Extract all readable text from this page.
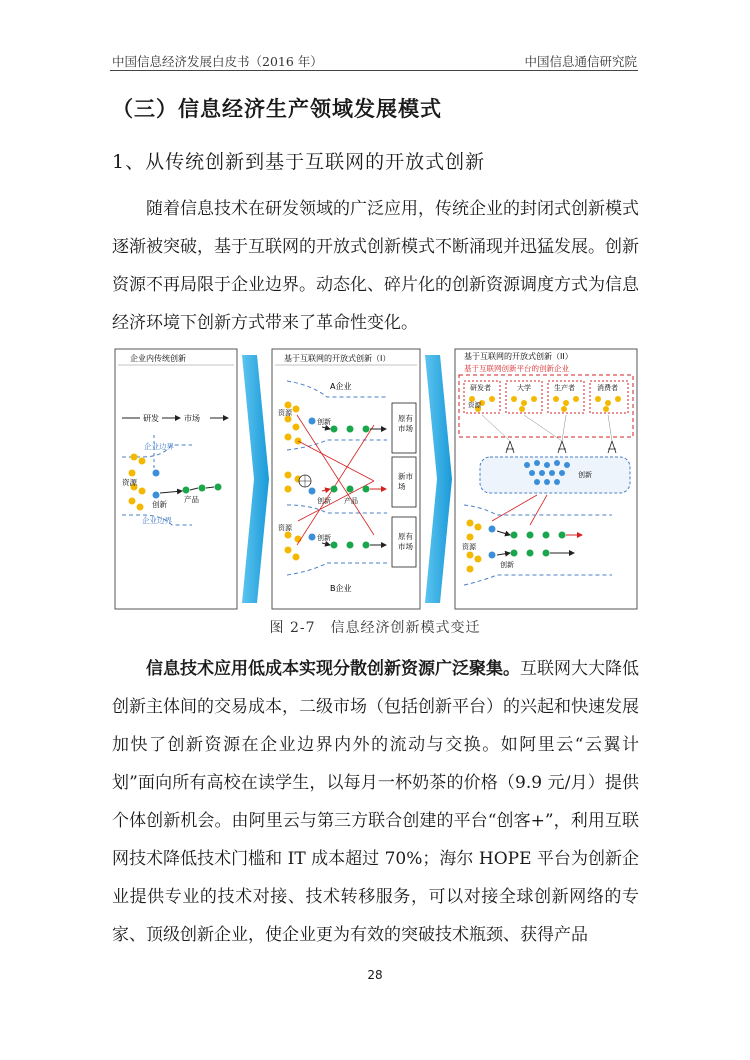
中国信息经济发展白皮书（2016 年）	中国信息通信研究院
（三）信息经济生产领域发展模式
1、从传统创新到基于互联网的开放式创新

随着信息技术在研发领域的广泛应用，传统企业的封闭式创新模式逐渐被突破，基于互联网的开放式创新模式不断涌现并迅猛发展。创新资源不再局限于企业边界。动态化、碎片化的创新资源调度方式为信息经济环境下创新方式带来了革命性变化。

企业内传统创新
研发	市场
企业边界
企业边界
资源
创新
产品
基于互联网的开放式创新（I）
A企业
B企业
原有 市场
新市 场
原有 市场
资源
资源
创新
创新
创新
产品
基于互联网的开放式创新（II）
基于互联网创新平台的创新企业
研发者	大学	生产者	消费者
资源
创新
资源
创新
图 2-7　信息经济创新模式变迁

信息技术应用低成本实现分散创新资源广泛聚集。互联网大大降低创新主体间的交易成本，二级市场（包括创新平台）的兴起和快速发展加快了创新资源在企业边界内外的流动与交换。如阿里云“云翼计划”面向所有高校在读学生，以每月一杯奶茶的价格（9.9 元/月）提供个体创新机会。由阿里云与第三方联合创建的平台“创客+”，利用互联网技术降低技术门槛和 IT 成本超过 70%；海尔 HOPE 平台为创新企业提供专业的技术对接、技术转移服务，可以对接全球创新网络的专家、顶级创新企业，使企业更为有效的突破技术瓶颈、获得产品

28
